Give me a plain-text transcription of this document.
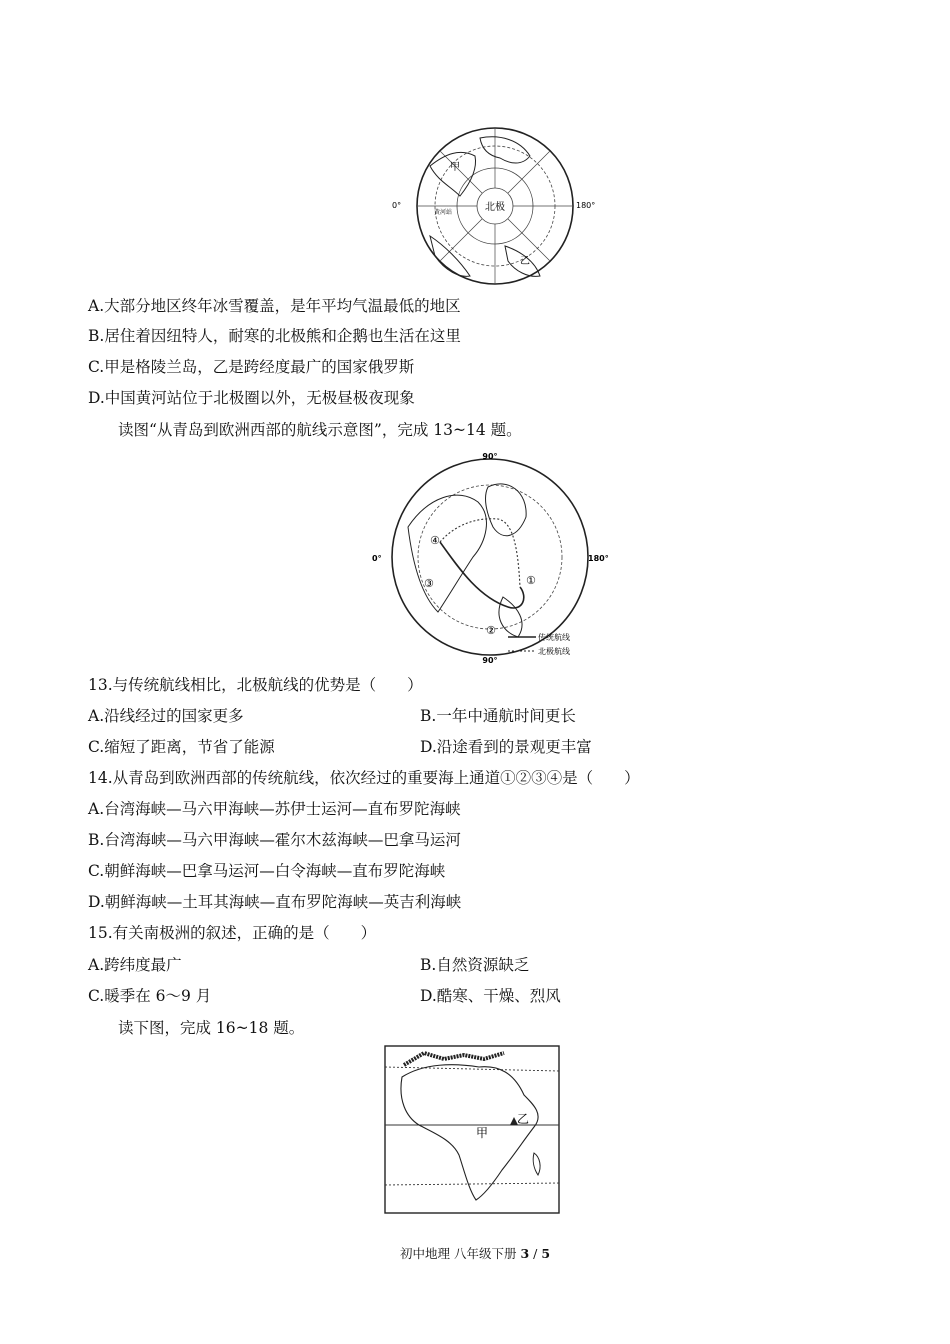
北极
0°	180°
甲
乙
黄河站
A.大部分地区终年冰雪覆盖，是年平均气温最低的地区
B.居住着因纽特人，耐寒的北极熊和企鹅也生活在这里
C.甲是格陵兰岛，乙是跨经度最广的国家俄罗斯
D.中国黄河站位于北极圈以外，无极昼极夜现象
读图“从青岛到欧洲西部的航线示意图”，完成 13~14 题。
90°
90°
0°	180°
①
②
③
④
传统航线
北极航线
13.与传统航线相比，北极航线的优势是（　　）
A.沿线经过的国家更多	B.一年中通航时间更长
C.缩短了距离，节省了能源	D.沿途看到的景观更丰富
14.从青岛到欧洲西部的传统航线，依次经过的重要海上通道①②③④是（　　）
A.台湾海峡—马六甲海峡—苏伊士运河—直布罗陀海峡
B.台湾海峡—马六甲海峡—霍尔木兹海峡—巴拿马运河
C.朝鲜海峡—巴拿马运河—白令海峡—直布罗陀海峡
D.朝鲜海峡—土耳其海峡—直布罗陀海峡—英吉利海峡
15.有关南极洲的叙述，正确的是（　　）
A.跨纬度最广	B.自然资源缺乏
C.暖季在 6～9 月	D.酷寒、干燥、烈风
读下图，完成 16~18 题。
甲
乙
初中地理 八年级下册 3 / 5
